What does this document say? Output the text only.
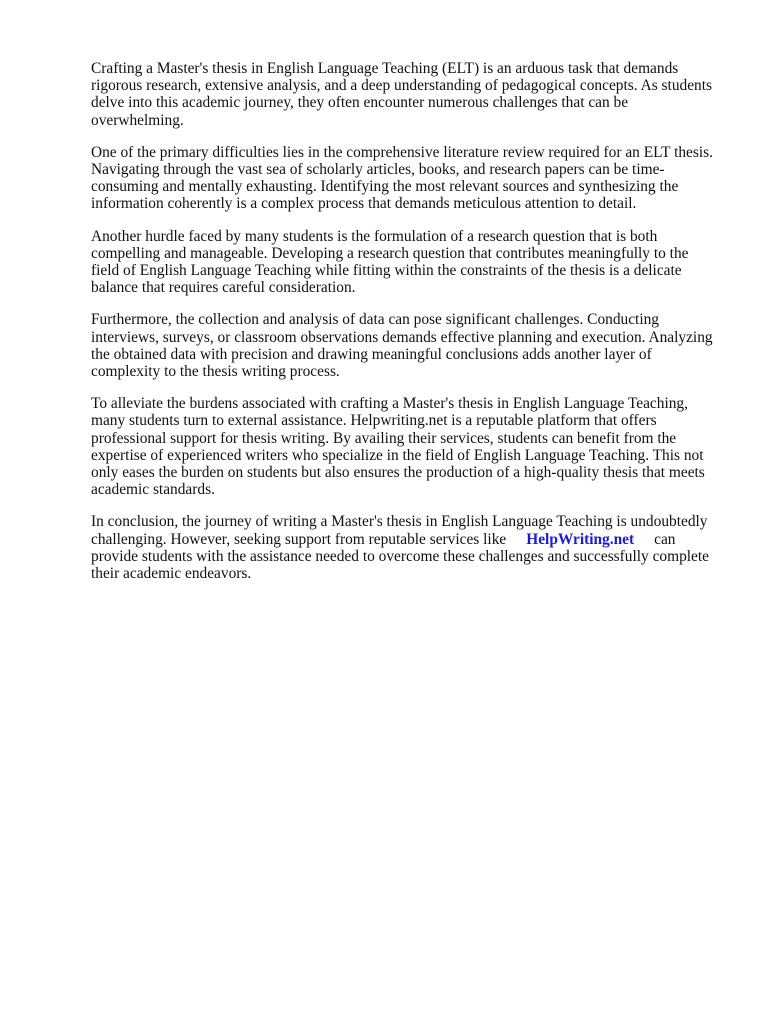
Crafting a Master's thesis in English Language Teaching (ELT) is an arduous task that demands
rigorous research, extensive analysis, and a deep understanding of pedagogical concepts. As students
delve into this academic journey, they often encounter numerous challenges that can be
overwhelming.

One of the primary difficulties lies in the comprehensive literature review required for an ELT thesis.
Navigating through the vast sea of scholarly articles, books, and research papers can be time-
consuming and mentally exhausting. Identifying the most relevant sources and synthesizing the
information coherently is a complex process that demands meticulous attention to detail.

Another hurdle faced by many students is the formulation of a research question that is both
compelling and manageable. Developing a research question that contributes meaningfully to the
field of English Language Teaching while fitting within the constraints of the thesis is a delicate
balance that requires careful consideration.

Furthermore, the collection and analysis of data can pose significant challenges. Conducting
interviews, surveys, or classroom observations demands effective planning and execution. Analyzing
the obtained data with precision and drawing meaningful conclusions adds another layer of
complexity to the thesis writing process.

To alleviate the burdens associated with crafting a Master's thesis in English Language Teaching,
many students turn to external assistance. Helpwriting.net is a reputable platform that offers
professional support for thesis writing. By availing their services, students can benefit from the
expertise of experienced writers who specialize in the field of English Language Teaching. This not
only eases the burden on students but also ensures the production of a high-quality thesis that meets
academic standards.

In conclusion, the journey of writing a Master's thesis in English Language Teaching is undoubtedly
challenging. However, seeking support from reputable services like HelpWriting.net can
provide students with the assistance needed to overcome these challenges and successfully complete
their academic endeavors.
